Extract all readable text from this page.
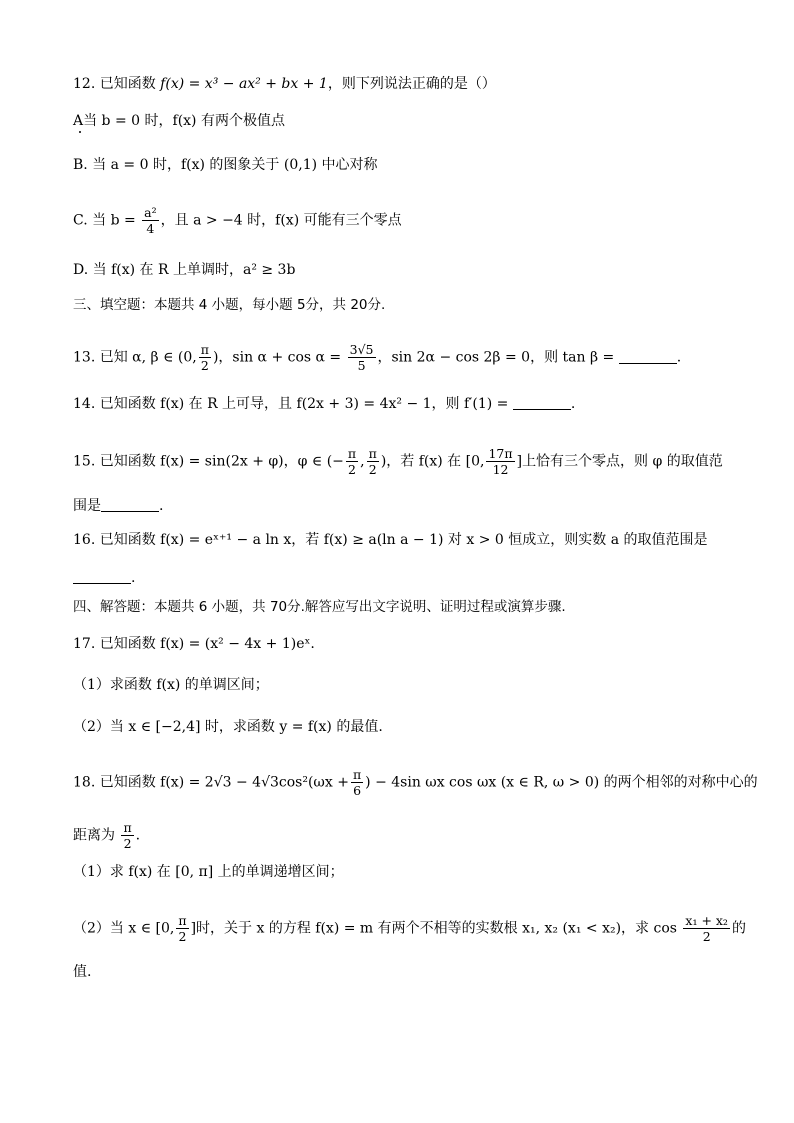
12. 已知函数 f(x) = x³ − ax² + bx + 1，则下列说法正确的是（）
A当 b = 0 时，f(x) 有两个极值点
B. 当 a = 0 时，f(x) 的图象关于 (0,1) 中心对称
C. 当 $b = \frac{\text{a²}}{4}$ ，且 a > −4 时，f(x) 可能有三个零点
D. 当 f(x) 在 R 上单调时，a² ≥ 3b
三、填空题：本题共 4 小题，每小题 5分，共 20分.
13. 已知 α, β ∈ (0, $\frac{\pi}{2}$ )，$\sin \alpha + \cos \alpha = \frac{3√5}{5}$ ，sin 2α − cos 2β = 0，则 tan β =	.
14. 已知函数 f(x) 在 R 上可导，且 f(2x + 3) = 4x² − 1，则 f′(1) =	.
15. 已知函数 f(x) = sin(2x + φ)，φ ∈ (− $\frac{\pi}{2}$ , $\frac{\pi}{2}$ )，若 f(x) 在 [0, $\frac{17\pi}{12}$ ]上恰有三个零点，则 φ 的取值范
围是	.
16. 已知函数 f(x) = eˣ⁺¹ − a ln x，若 f(x) ≥ a(ln a − 1) 对 x > 0 恒成立，则实数 a 的取值范围是
.
四、解答题：本题共 6 小题，共 70分.解答应写出文字说明、证明过程或演算步骤.
17. 已知函数 f(x) = (x² − 4x + 1)eˣ.
（1）求函数 f(x) 的单调区间；
（2）当 x ∈ [−2,4] 时，求函数 y = f(x) 的最值.
18. 已知函数 $f(x) = 2√3 - 4√3\cos^2(\omega x + \frac{\pi}{6}$ ) − 4sin ωx cos ωx (x ∈ R, ω > 0) 的两个相邻的对称中心的
距离为 $\frac{\pi}{2}$ .
（1）求 f(x) 在 [0, π] 上的单调递增区间；
（2）当 x ∈ [0, $\frac{\pi}{2}$ ]时，关于 x 的方程 f(x) = m 有两个不相等的实数根 x₁, x₂ (x₁ < x₂)，求 $\cos \frac{\text{x₁ + x₂}}{2}$ 的
值.
